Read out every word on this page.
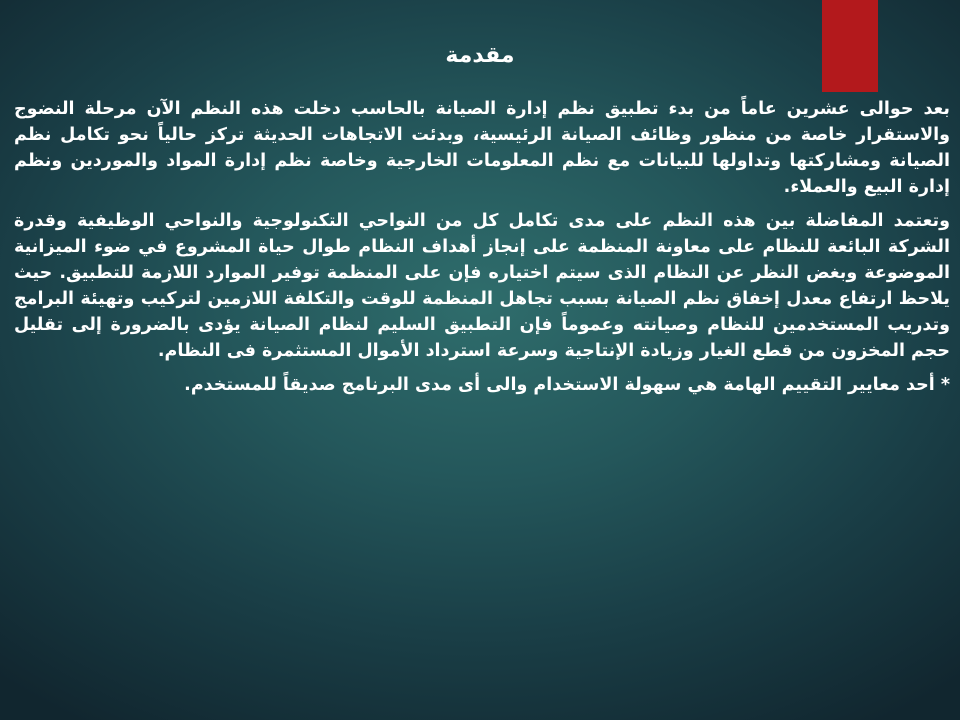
مقدمة

بعد حوالى عشرين عاماً من بدء تطبيق نظم إدارة الصيانة بالحاسب دخلت هذه النظم الآن مرحلة النضوج والاستقرار خاصة من منظور وظائف الصيانة الرئيسية، وبدئت الاتجاهات الحديثة تركز حالياً نحو تكامل نظم الصيانة ومشاركتها وتداولها للبيانات مع نظم المعلومات الخارجية وخاصة نظم إدارة المواد والموردين ونظم إدارة البيع والعملاء.

وتعتمد المفاضلة بين هذه النظم على مدى تكامل كل من النواحي التكنولوجية والنواحي الوظيفية وقدرة الشركة البائعة للنظام على معاونة المنظمة على إنجاز أهداف النظام طوال حياة المشروع في ضوء الميزانية الموضوعة وبغض النظر عن النظام الذى سيتم اختياره فإن على المنظمة توفير الموارد اللازمة للتطبيق. حيث يلاحظ ارتفاع معدل إخفاق نظم الصيانة بسبب تجاهل المنظمة للوقت والتكلفة اللازمين لتركيب وتهيئة البرامج وتدريب المستخدمين للنظام وصيانته وعموماً فإن التطبيق السليم لنظام الصيانة يؤدى بالضرورة إلى تقليل حجم المخزون من قطع الغيار وزيادة الإنتاجية وسرعة استرداد الأموال المستثمرة فى النظام.

* أحد معايير التقييم الهامة هي سهولة الاستخدام والى أى مدى البرنامج صديقاً للمستخدم.
